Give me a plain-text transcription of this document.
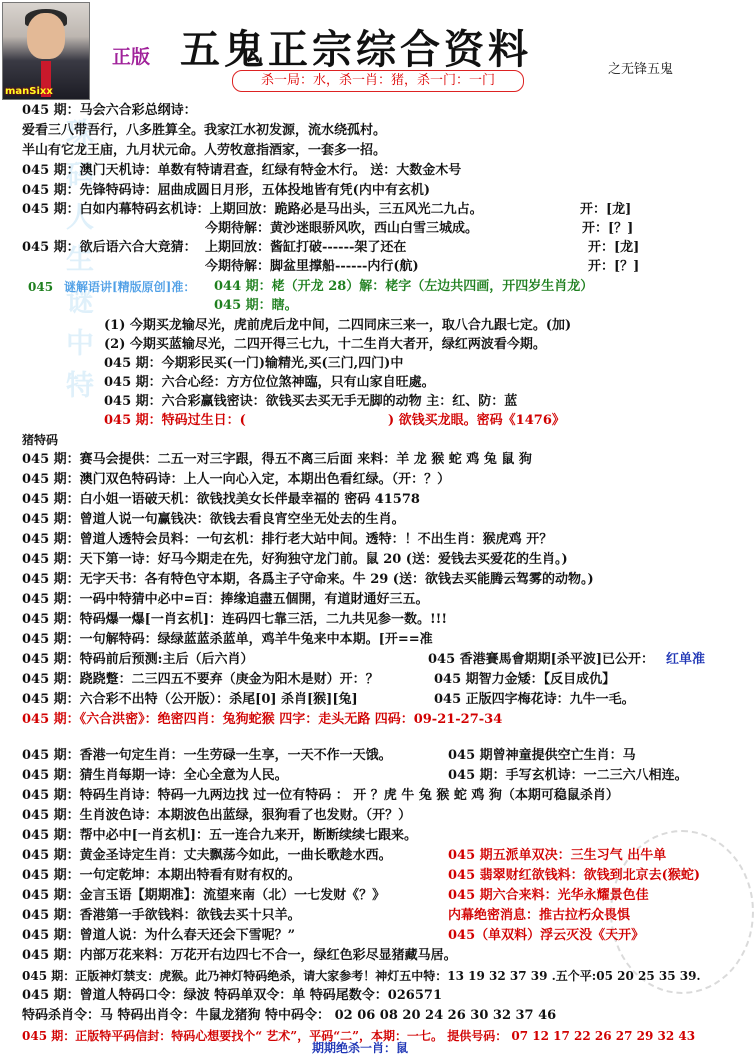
manSixx
正版 五鬼正宗综合资料	之无锋五鬼
杀一局：水，杀一肖：猪，杀一门：一门
珠码人生谜中特
045 期：马会六合彩总纲诗：
爱看三八带吾行，八多胜算全。我家江水初发源，流水绕孤村。
半山有它龙王庙，九月状元命。人劳牧意指酒家，一套多一招。
045 期：澳门天机诗：单数有特请君查，红绿有特金木行。 送：大数金木号
045 期：先锋特码诗：屈曲成圆日月形，五体投地皆有凭(内中有玄机)
045 期：白如内幕特码玄机诗：上期回放：跪路必是马出头，三五风光二九占。	开：[龙]
今期待解：黄沙迷眼骄风吹，西山白雪三城成。	开：[？]
045 期：欲后语六合大竞猜： 上期回放：酱缸打破------架了还在	开：[龙]
今期待解：脚盆里撑船------内行(航)	开：[？]
045 谜解语讲[精版原创]准： 044 期：栳（开龙 28）解：栳字（左边共四画，开四岁生肖龙）
045 期：瞎。
(1) 今期买龙输尽光，虎前虎后龙中间，二四同床三来一，取八合九跟七定。(加)
(2) 今期买蓝输尽光，二四开得三七九，十二生肖大者开，绿红两波看今期。
045 期：今期彩民买(一门)输精光,买(三门,四门)中
045 期：六合心经：方方位位煞神臨，只有山家自旺處。
045 期：六合彩赢钱密诀：欲钱买去买无手无脚的动物 主：红、防：蓝
045 期：特码过生日：(	) 欲钱买龙眼。密码《1476》
猪特码
045 期：赛马会提供：二五一对三字跟，得五不离三后面 来料：羊 龙 猴 蛇 鸡 兔 鼠 狗
045 期：澳门双色特码诗：上人一向心入定，本期出色看红绿。（开：？）
045 期：白小姐一语破天机：欲钱找美女长伴最幸福的 密码 41578
045 期：曾道人说一句赢钱决：欲钱去看良宵空坐无处去的生肖。
045 期：曾道人透特会员料：一句玄机：排行老大站中间。透特：！不出生肖：猴虎鸡 开？
045 期：天下第一诗：好马今期走在先，好狗独守龙门前。鼠 20 (送：爱钱去买爱花的生肖。)
045 期：无字天书：各有特色守本期，各爲主子守命来。牛 29 (送：欲钱去买能腾云驾雾的动物。)
045 期：一码中特猜中必中=百：捧缘追盡五個開，有道財通好三五。
045 期：特码爆一爆[一肖玄机]：连码四七靠三活，二九共见参一数。!!!
045 期：一句解特码：绿绿蓝蓝杀蓝单，鸡羊牛兔来中本期。[开==准
045 期：特码前后预测:主后（后六肖）	045 香港賽馬會期期[杀平波]已公开： 红单准
045 期：跷跷蹩：二三四五不要弃（庚金为阳木是财）开：？	045 期智力金矮：【反目成仇】
045 期：六合彩不出特（公开版）：杀尾[0] 杀肖[猴][兔]	045 正版四字梅花诗：九牛一毛。
045 期：《六合洪密》：绝密四肖：兔狗蛇猴 四字：走头无路 四码：09-21-27-34
045 期：香港一句定生肖：一生劳碌一生享，一天不作一天饿。	045 期曾神童提供空亡生肖：马
045 期：猜生肖每期一诗：全心全意为人民。	045 期：手写玄机诗：一二三六八相连。
045 期：特码生肖诗：特码一九两边找 过一位有特码 ： 开 ？虎 牛 兔 猴 蛇 鸡 狗（本期可稳鼠杀肖）
045 期：生肖波色诗：本期波色出蓝绿，狠狗看了也发财。（开？）
045 期：帮中必中[一肖玄机]：五一连合九来开，断断续续七跟来。
045 期：黄金圣诗定生肖：丈夫飘荡今如此，一曲长歌趁水西。	045 期五派单双决：三生习气 出牛单
045 期：一句定乾坤：本期出特看有财有权的。	045 翡翠财红欲钱料：欲钱到北京去(猴蛇)
045 期：金言玉语【期期准】：流望来南（北）一七发财《？》	045 期六合来料：光华永耀景色佳
045 期：香港第一手欲钱料：欲钱去买十只羊。	内幕绝密消息：推古拉朽众畏惧
045 期：曾道人说：为什么春天还会下雪呢？”	045（单双料）浮云灭没《天开》
045 期：内部万花来料：万花开右边四七不合一，绿红色彩尽显猪藏马居。
045 期：正版神灯禁支：虎猴。此乃神灯特码绝杀，请大家参考！神灯五中特：13 19 32 37 39 .五个平:05 20 25 35 39.
045 期：曾道人特码口令：绿波 特码单双令：单 特码尾数令：026571
特码杀肖令：马 特码出肖令：牛鼠龙猪狗 特中码令： 02 06 08 20 24 26 30 32 37 46
045 期：正版特平码信封：特码心想要找个“ 艺术”，平码“二”，本期：一七。 提供号码： 07 12 17 22 26 27 29 32 43
期期绝杀一肖：鼠
